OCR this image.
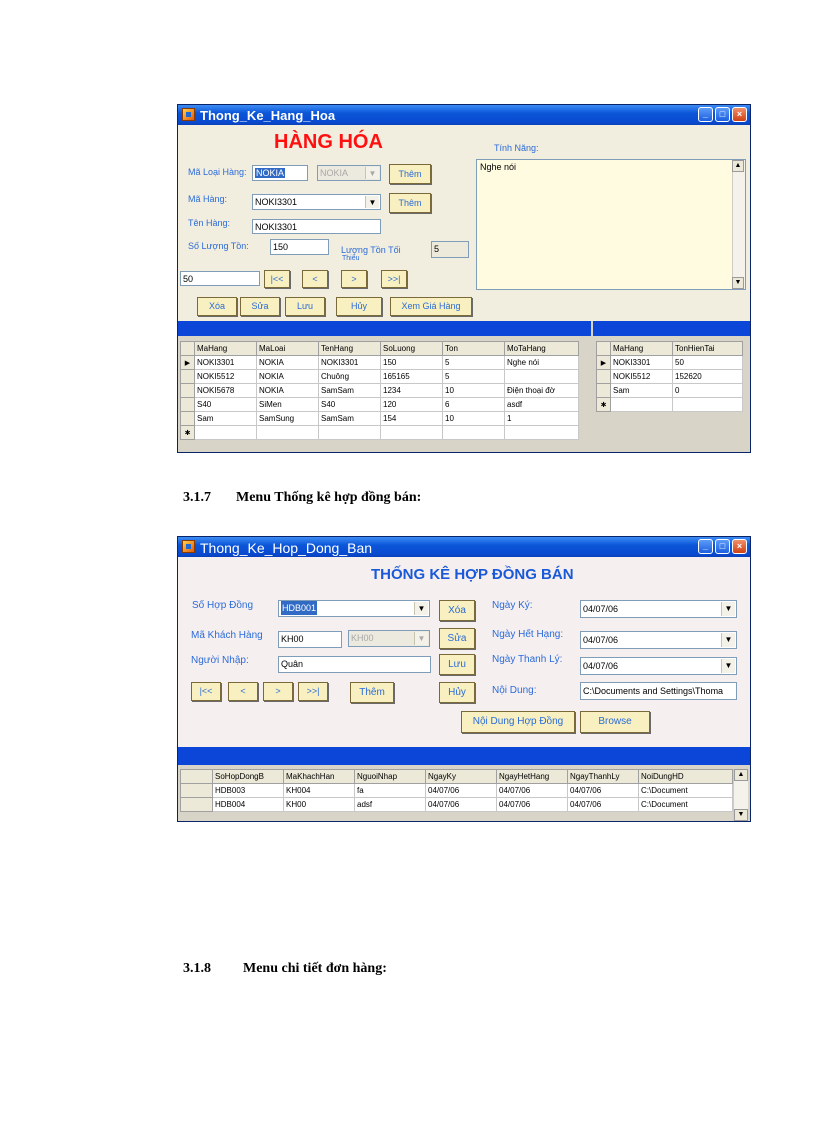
Thong_Ke_Hang_Hoa	_	□	×
HÀNG HÓA
Mã Loại Hàng:	NOKIA	NOKIA	▼	Thêm
Mã Hàng:	NOKI3301	▼	Thêm
Tên Hàng:	NOKI3301
Số Lượng Tồn:	150	Lượng Tồn Tối
Thiểu
5
50	|<<	<	>	>>|
Xóa	Sửa	Lưu	Hủy	Xem Giá Hàng
Tính Năng:
Nghe nói	▲
▼
	MaHang	MaLoai	TenHang	SoLuong	Ton	MoTaHang
▶	NOKI3301	NOKIA	NOKI3301	150	5	Nghe nói
	NOKI5512	NOKIA	Chuông	165165	5	
	NOKI5678	NOKIA	SamSam	1234	10	Điện thoại đờ
	S40	SiMen	S40	120	6	asdf
	Sam	SamSung	SamSam	154	10	1
✱						
	MaHang	TonHienTai
▶	NOKI3301	50
	NOKI5512	152620
	Sam	0
✱		
3.1.7 Menu Thống kê hợp đồng bán:
Thong_Ke_Hop_Dong_Ban	_	□	×
THỐNG KÊ HỢP ĐỒNG BÁN
Số Hợp Đồng	HDB001	▼
Mã Khách Hàng	KH00	KH00	▼
Người Nhập:	Quân
Xóa
Sửa
Lưu
Hủy
|<<	<	>	>>|	Thêm
Ngày Ký:	04/07/06	▼
Ngày Hết Hạng: 04/07/06	▼
Ngày Thanh Lý:
04/07/06	▼
Nội Dung:	C:\Documents and Settings\Thoma
Nội Dung Hợp Đồng	Browse
	SoHopDongB	MaKhachHan	NguoiNhap	NgayKy	NgayHetHang	NgayThanhLy	NoiDungHD
	HDB003	KH004	fa	04/07/06	04/07/06	04/07/06	C:\Document
	HDB004	KH00	adsf	04/07/06	04/07/06	04/07/06	C:\Document
▲
▼
3.1.8 Menu chi tiết đơn hàng:
